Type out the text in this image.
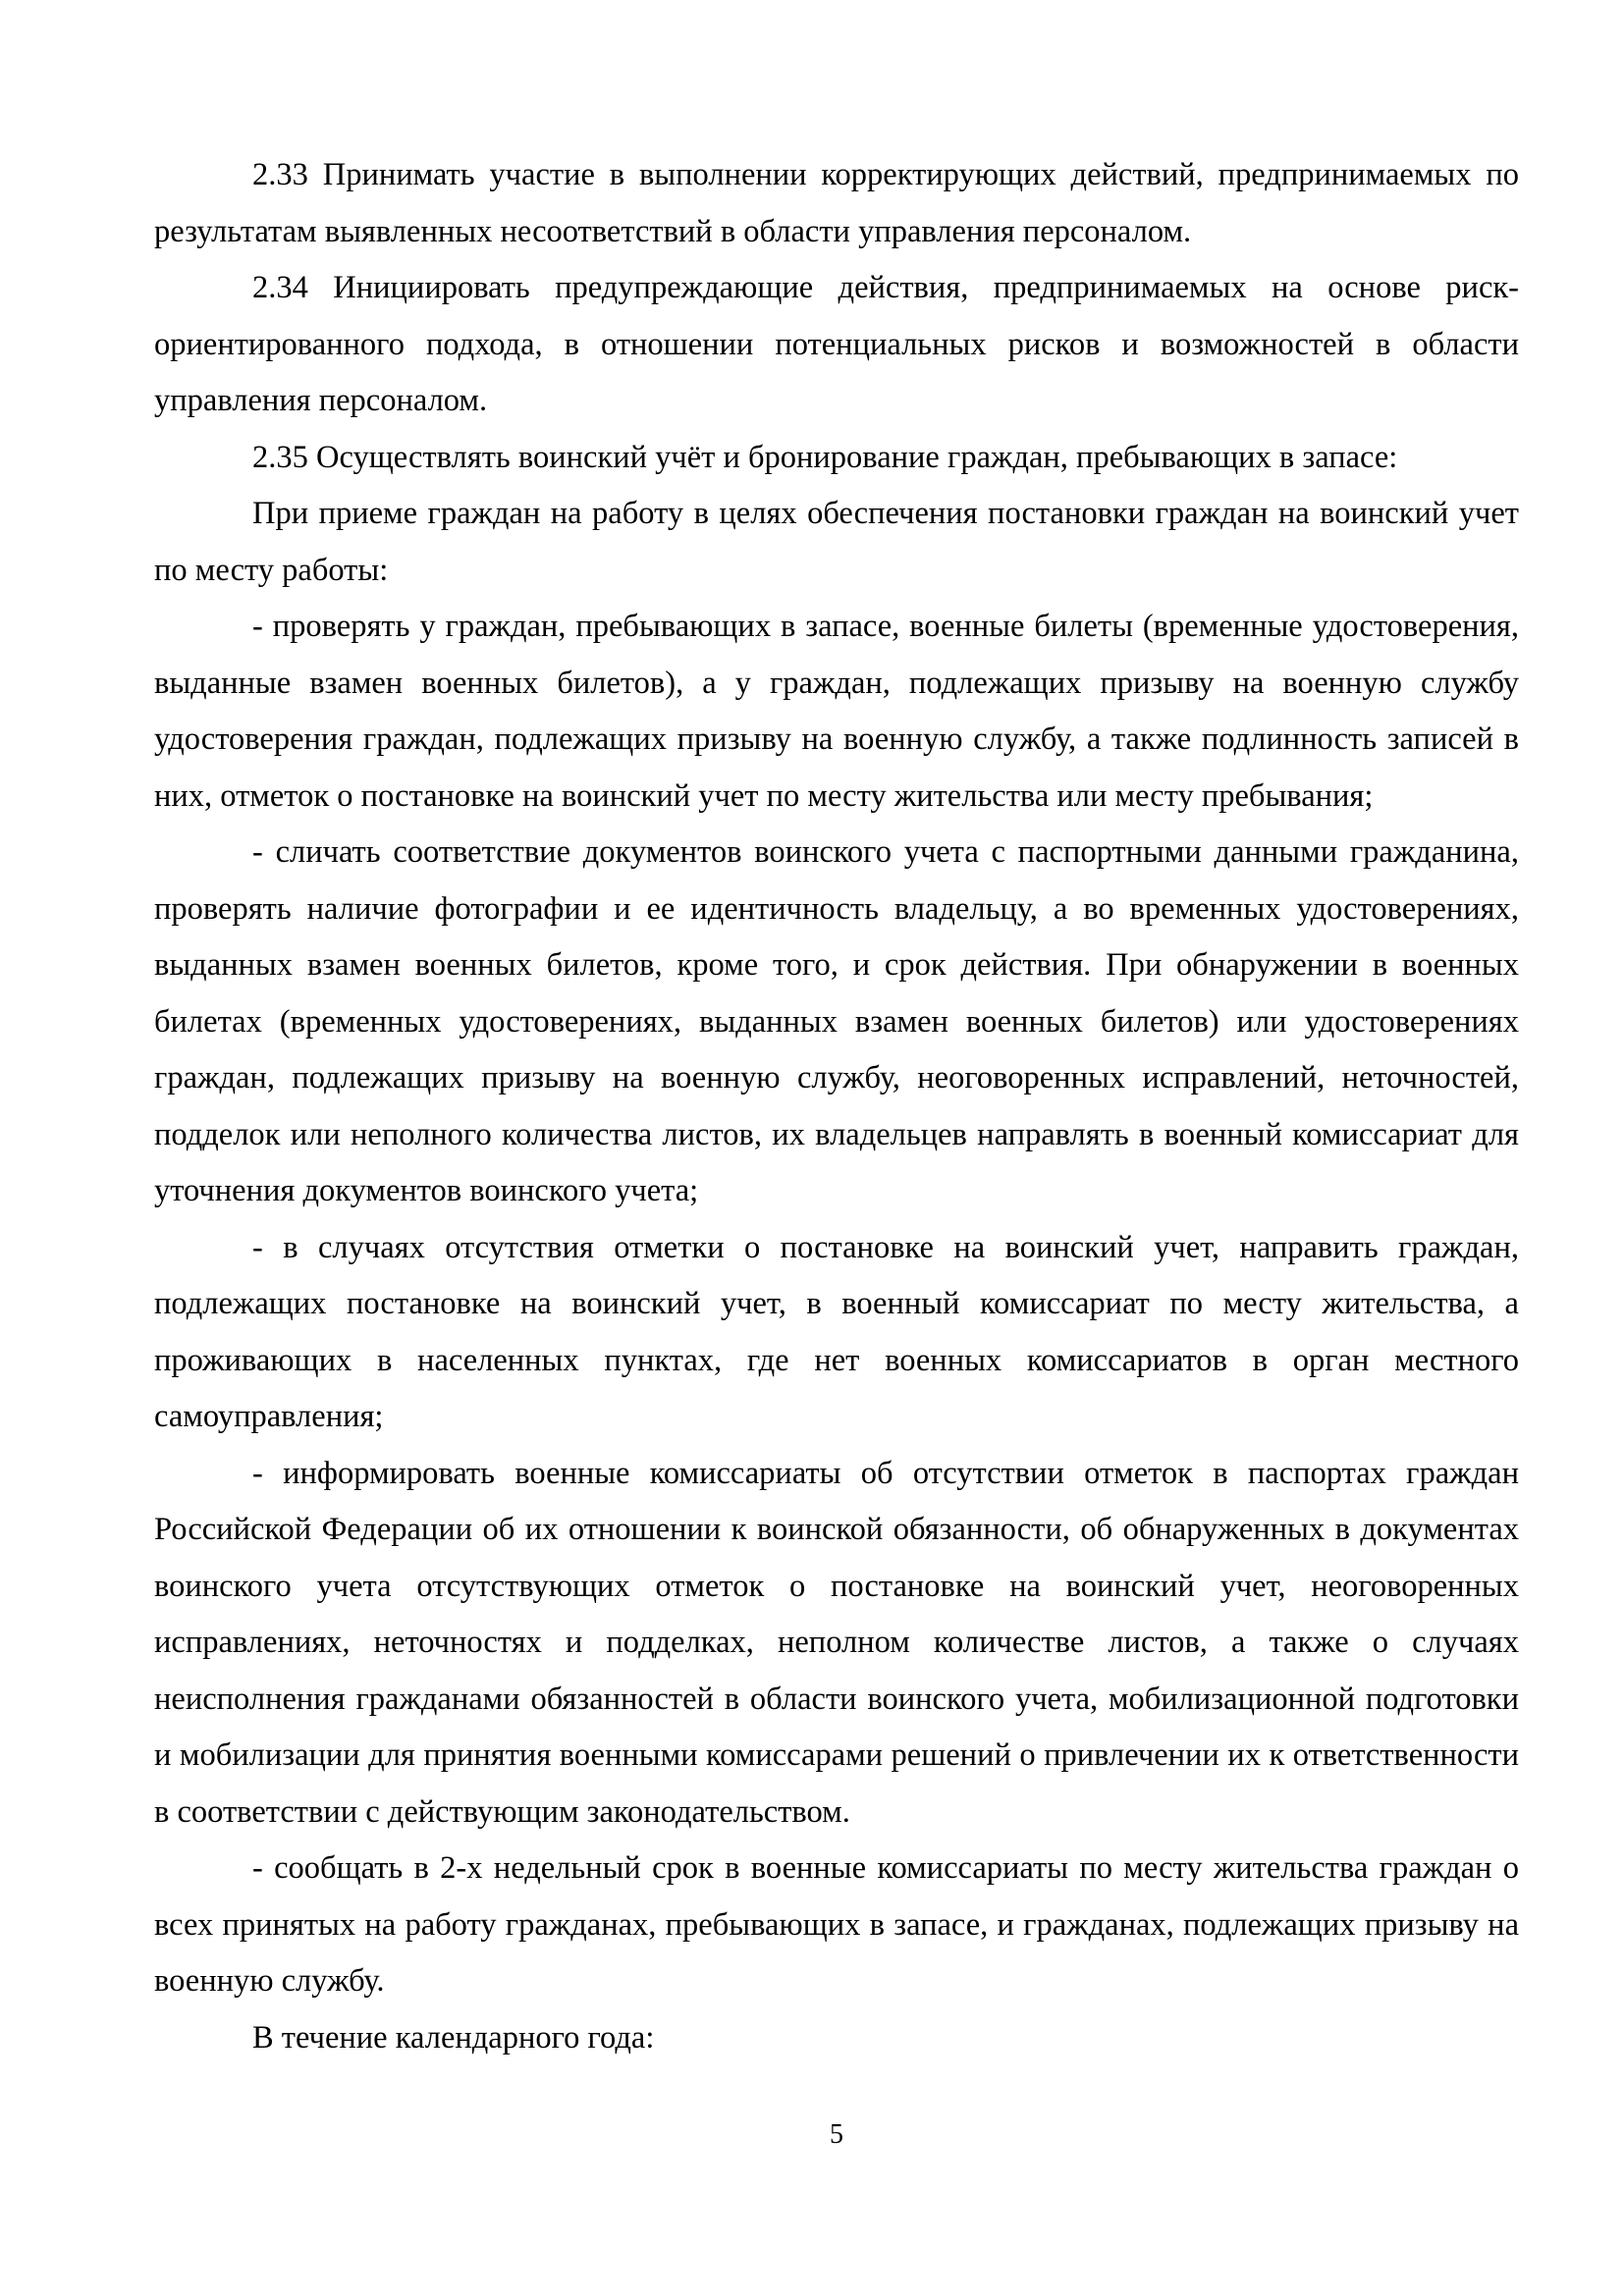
2.33 Принимать участие в выполнении корректирующих действий, предпринимаемых по результатам выявленных несоответствий в области управления персоналом.

2.34 Инициировать предупреждающие действия, предпринимаемых на основе риск-ориентированного подхода, в отношении потенциальных рисков и возможностей в области управления персоналом.

2.35 Осуществлять воинский учёт и бронирование граждан, пребывающих в запасе:

При приеме граждан на работу в целях обеспечения постановки граждан на воинский учет по месту работы:

- проверять у граждан, пребывающих в запасе, военные билеты (временные удостоверения, выданные взамен военных билетов), а у граждан, подлежащих призыву на военную службу удостоверения граждан, подлежащих призыву на военную службу, а также подлинность записей в них, отметок о постановке на воинский учет по месту жительства или месту пребывания;

- сличать соответствие документов воинского учета с паспортными данными гражданина, проверять наличие фотографии и ее идентичность владельцу, а во временных удостоверениях, выданных взамен военных билетов, кроме того, и срок действия. При обнаружении в военных билетах (временных удостоверениях, выданных взамен военных билетов) или удостоверениях граждан, подлежащих призыву на военную службу, неоговоренных исправлений, неточностей, подделок или неполного количества листов, их владельцев направлять в военный комиссариат для уточнения документов воинского учета;

- в случаях отсутствия отметки о постановке на воинский учет, направить граждан, подлежащих постановке на воинский учет, в военный комиссариат по месту жительства, а проживающих в населенных пунктах, где нет военных комиссариатов в орган местного самоуправления;

- информировать военные комиссариаты об отсутствии отметок в паспортах граждан Российской Федерации об их отношении к воинской обязанности, об обнаруженных в документах воинского учета отсутствующих отметок о постановке на воинский учет, неоговоренных исправлениях, неточностях и подделках, неполном количестве листов, а также о случаях неисполнения гражданами обязанностей в области воинского учета, мобилизационной подготовки и мобилизации для принятия военными комиссарами решений о привлечении их к ответственности в соответствии с действующим законодательством.

- сообщать в 2-х недельный срок в военные комиссариаты по месту жительства граждан о всех принятых на работу гражданах, пребывающих в запасе, и гражданах, подлежащих призыву на военную службу.

В течение календарного года:

5
